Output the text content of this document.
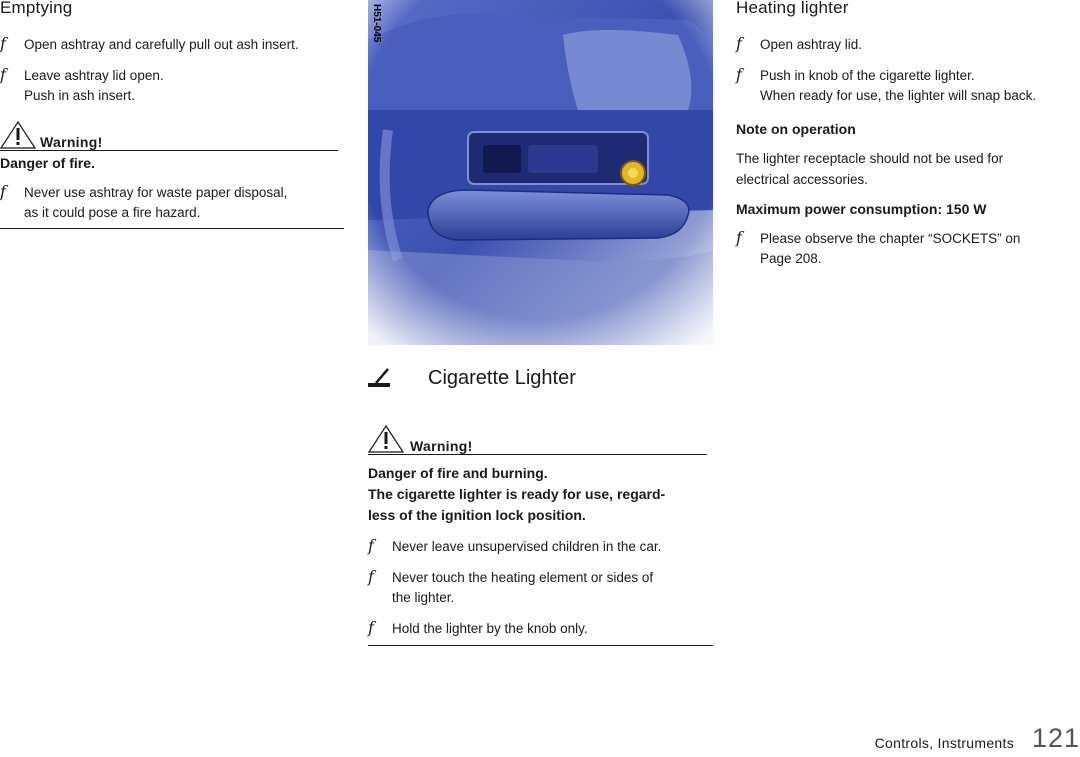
Emptying
f Open ashtray and carefully pull out ash insert.
f Leave ashtray lid open.
Push in ash insert.
Warning!
Danger of fire.
f Never use ashtray for waste paper disposal,
as it could pose a fire hazard.
H51-045
Cigarette Lighter
Warning!
Danger of fire and burning.
The cigarette lighter is ready for use, regard-
less of the ignition lock position.
f Never leave unsupervised children in the car.
f Never touch the heating element or sides of
the lighter.
f Hold the lighter by the knob only.
Heating lighter
f Open ashtray lid.
f Push in knob of the cigarette lighter.
When ready for use, the lighter will snap back.
Note on operation
The lighter receptacle should not be used for
electrical accessories.
Maximum power consumption: 150 W
f Please observe the chapter “SOCKETS” on
Page 208.
Controls, Instruments 121
